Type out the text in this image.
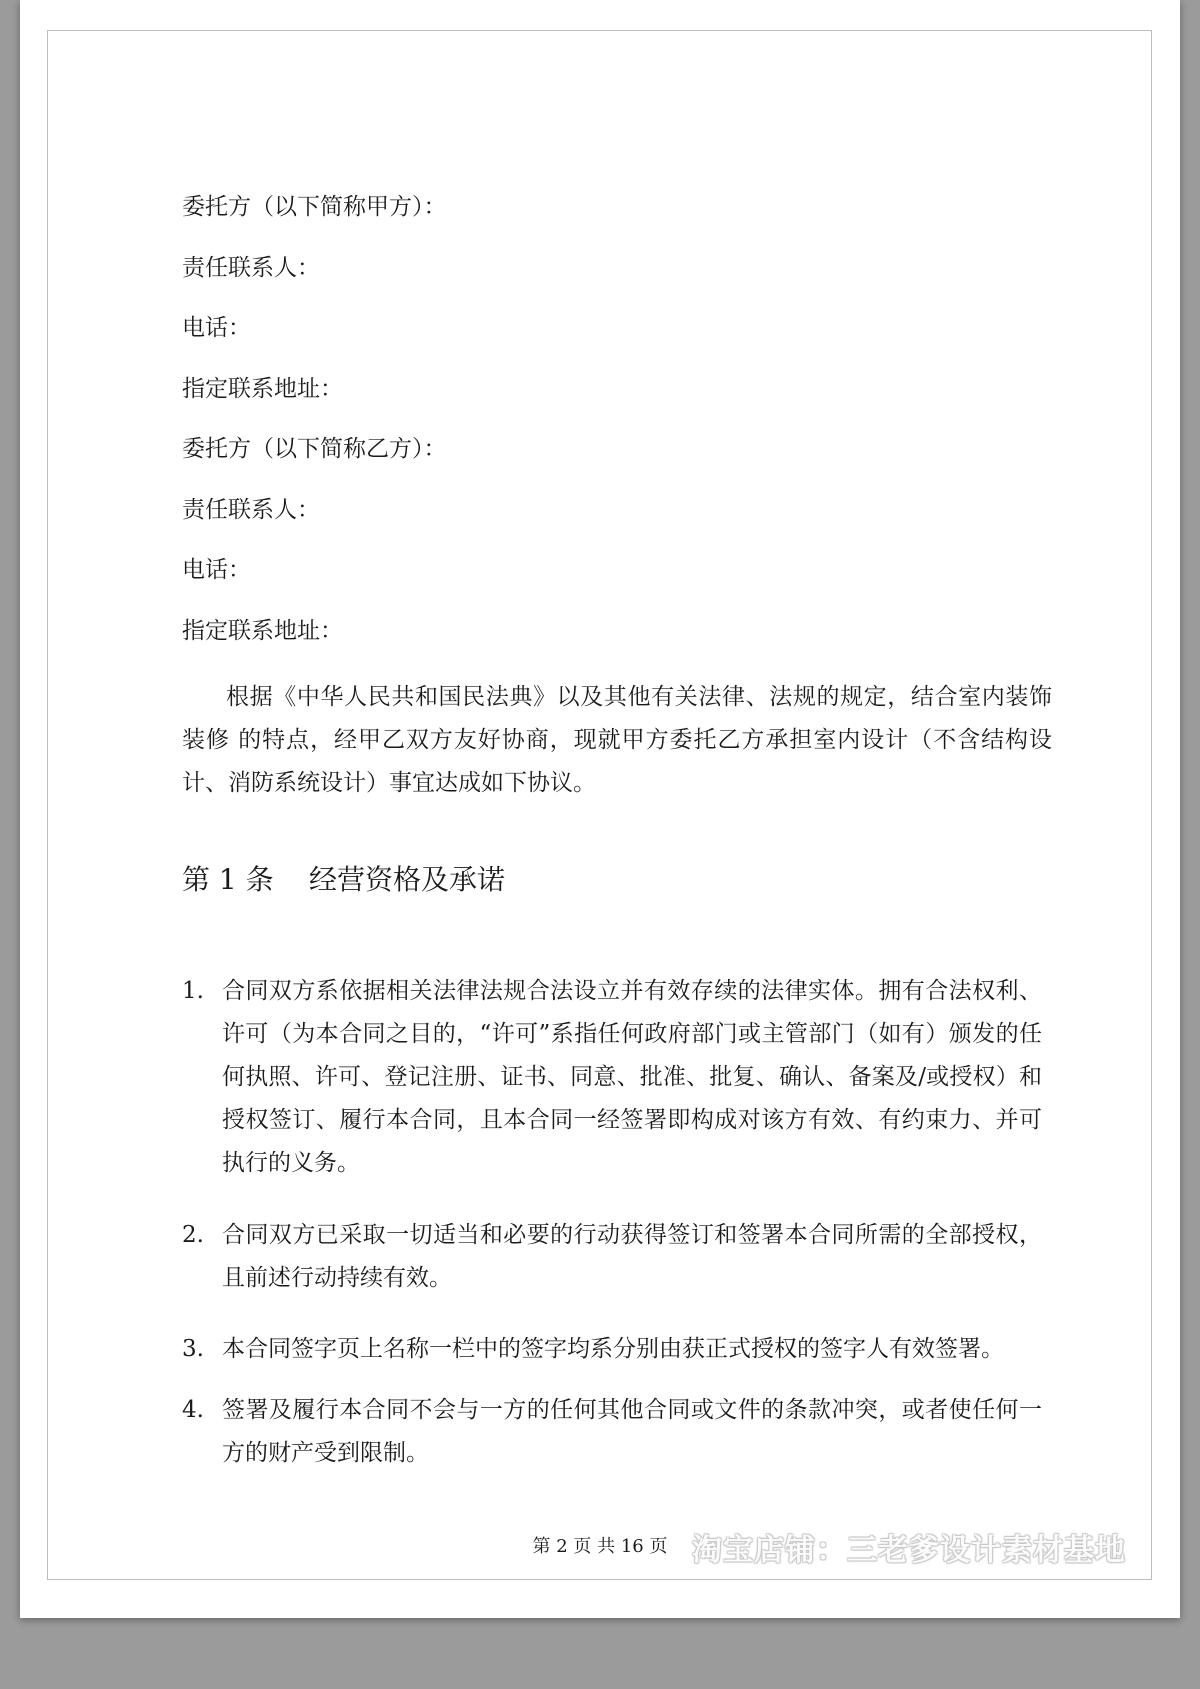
委托方（以下简称甲方）：
责任联系人：
电话：
指定联系地址：
委托方（以下简称乙方）：
责任联系人：
电话：
指定联系地址：
根据《中华人民共和国民法典》以及其他有关法律、法规的规定，结合室内装饰装修 的特点，经甲乙双方友好协商，现就甲方委托乙方承担室内设计（不含结构设计、消防系统设计）事宜达成如下协议。
第 1 条 经营资格及承诺
1. 合同双方系依据相关法律法规合法设立并有效存续的法律实体。拥有合法权利、许可（为本合同之目的，“许可”系指任何政府部门或主管部门（如有）颁发的任何执照、许可、登记注册、证书、同意、批准、批复、确认、备案及/或授权）和授权签订、履行本合同，且本合同一经签署即构成对该方有效、有约束力、并可执行的义务。
2. 合同双方已采取一切适当和必要的行动获得签订和签署本合同所需的全部授权，且前述行动持续有效。
3. 本合同签字页上名称一栏中的签字均系分别由获正式授权的签字人有效签署。
4. 签署及履行本合同不会与一方的任何其他合同或文件的条款冲突，或者使任何一方的财产受到限制。
第 2 页 共 16 页 淘宝店铺：三老爹设计素材基地
